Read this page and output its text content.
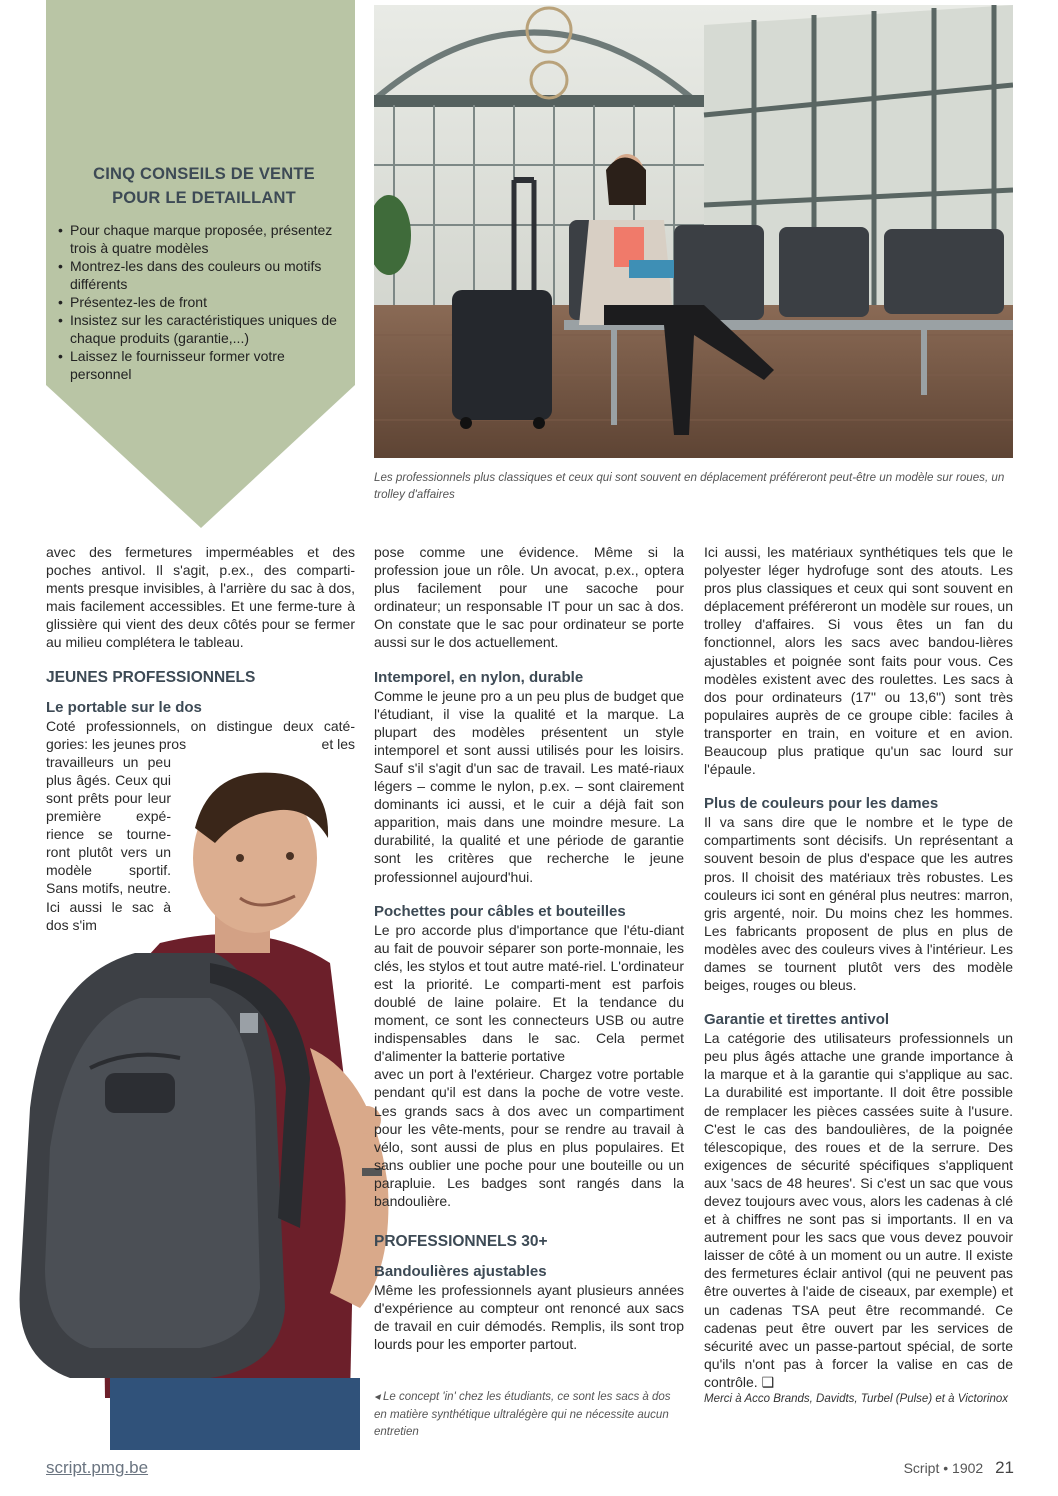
CINQ CONSEILS DE VENTE
POUR LE DETAILLANT
• Pour chaque marque proposée, présentez trois à quatre modèles
• Montrez-les dans des couleurs ou motifs différents
• Présentez-les de front
• Insistez sur les caractéristiques uniques de chaque produits (garantie,...)
• Laissez le fournisseur former votre personnel
Les professionnels plus classiques et ceux qui sont souvent en déplacement préféreront peut-être un modèle sur roues, un trolley d'affaires

avec des fermetures imperméables et des poches antivol. Il s'agit, p.ex., des comparti-ments presque invisibles, à l'arrière du sac à dos, mais facilement accessibles. Et une ferme-ture à glissière qui vient des deux côtés pour se fermer au milieu complétera le tableau.

JEUNES PROFESSIONNELS
Le portable sur le dos

Coté professionnels, on distingue deux caté-gories: les jeunes pros	et les

travailleurs un peu plus âgés. Ceux qui sont prêts pour leur première expé-rience se tourne-ront plutôt vers un modèle sportif. Sans motifs, neutre. Ici aussi le sac à dos s'im

pose comme une évidence. Même si la profession joue un rôle. Un avocat, p.ex., optera plus facilement pour une sacoche pour ordinateur; un responsable IT pour un sac à dos. On constate que le sac pour ordinateur se porte aussi sur le dos actuellement.

Intemporel, en nylon, durable

Comme le jeune pro a un peu plus de budget que l'étudiant, il vise la qualité et la marque. La plupart des modèles présentent un style intemporel et sont aussi utilisés pour les loisirs. Sauf s'il s'agit d'un sac de travail. Les maté-riaux légers – comme le nylon, p.ex. – sont clairement dominants ici aussi, et le cuir a déjà fait son apparition, mais dans une moindre mesure. La durabilité, la qualité et une période de garantie sont les critères que recherche le jeune professionnel aujourd'hui.

Pochettes pour câbles et bouteilles

Le pro accorde plus d'importance que l'étu-diant au fait de pouvoir séparer son porte-monnaie, les clés, les stylos et tout autre maté-riel. L'ordinateur est la priorité. Le comparti-ment est parfois doublé de laine polaire. Et la tendance du moment, ce sont les connecteurs USB ou autre indispensables dans le sac. Cela permet d'alimenter la batterie portative

avec un port à l'extérieur. Chargez votre portable pendant qu'il est dans la poche de votre veste. Les grands sacs à dos avec un compartiment pour les vête-ments, pour se rendre au travail à vélo, sont aussi de plus en plus populaires. Et sans oublier une poche pour une bouteille ou un parapluie. Les badges sont rangés dans la bandoulière.

PROFESSIONNELS 30+
Bandoulières ajustables

Même les professionnels ayant plusieurs années d'expérience au compteur ont renoncé aux sacs de travail en cuir démodés. Remplis, ils sont trop lourds pour les emporter partout.

◂ Le concept 'in' chez les étudiants, ce sont les sacs à dos en matière synthétique ultralégère qui ne nécessite aucun entretien

Ici aussi, les matériaux synthétiques tels que le polyester léger hydrofuge sont des atouts. Les pros plus classiques et ceux qui sont souvent en déplacement préféreront un modèle sur roues, un trolley d'affaires. Si vous êtes un fan du fonctionnel, alors les sacs avec bandou-lières ajustables et poignée sont faits pour vous. Ces modèles existent avec des roulettes. Les sacs à dos pour ordinateurs (17" ou 13,6") sont très populaires auprès de ce groupe cible: faciles à transporter en train, en voiture et en avion. Beaucoup plus pratique qu'un sac lourd sur l'épaule.

Plus de couleurs pour les dames

Il va sans dire que le nombre et le type de compartiments sont décisifs. Un représentant a souvent besoin de plus d'espace que les autres pros. Il choisit des matériaux très robustes. Les couleurs ici sont en général plus neutres: marron, gris argenté, noir. Du moins chez les hommes. Les fabricants proposent de plus en plus de modèles avec des couleurs vives à l'intérieur. Les dames se tournent plutôt vers des modèle beiges, rouges ou bleus.

Garantie et tirettes antivol

La catégorie des utilisateurs professionnels un peu plus âgés attache une grande importance à la marque et à la garantie qui s'applique au sac. La durabilité est importante. Il doit être possible de remplacer les pièces cassées suite à l'usure. C'est le cas des bandoulières, de la poignée télescopique, des roues et de la serrure. Des exigences de sécurité spécifiques s'appliquent aux 'sacs de 48 heures'. Si c'est un sac que vous devez toujours avec vous, alors les cadenas à clé et à chiffres ne sont pas si importants. Il en va autrement pour les sacs que vous devez pouvoir laisser de côté à un moment ou un autre. Il existe des fermetures éclair antivol (qui ne peuvent pas être ouvertes à l'aide de ciseaux, par exemple) et un cadenas TSA peut être recommandé. Ce cadenas peut être ouvert par les services de sécurité avec un passe-partout spécial, de sorte qu'ils n'ont pas à forcer la valise en cas de contrôle. ❑

Merci à Acco Brands, Davidts, Turbel (Pulse) et à Victorinox

script.pmg.be	Script • 1902 21
